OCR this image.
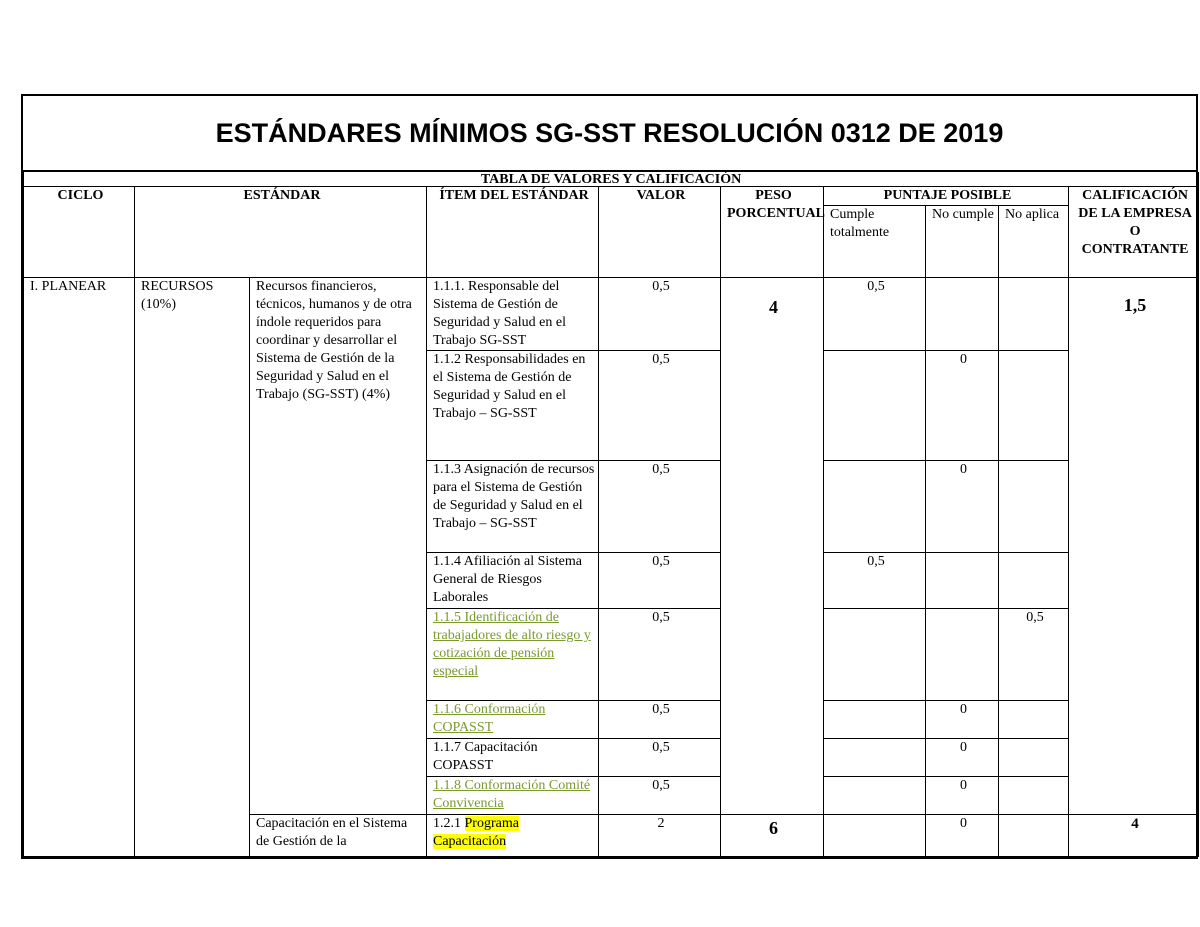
ESTÁNDARES MÍNIMOS SG-SST RESOLUCIÓN 0312 DE 2019
TABLA DE VALORES Y CALIFICACIÓN									
CICLO	ESTÁNDAR		ÍTEM DEL ESTÁNDAR	VALOR	PESO PORCENTUAL	PUNTAJE POSIBLE			CALIFICACIÓN DE LA EMPRESA O CONTRATANTE
						Cumple totalmente	No cumple	No aplica	
I. PLANEAR	RECURSOS (10%)	Recursos financieros, técnicos, humanos y de otra índole requeridos para coordinar y desarrollar el Sistema de Gestión de la Seguridad y Salud en el Trabajo (SG-SST) (4%)	1.1.1. Responsable del Sistema de Gestión de Seguridad y Salud en el Trabajo SG-SST	0,5	4	0,5			1,5
			1.1.2 Responsabilidades en el Sistema de Gestión de Seguridad y Salud en el Trabajo – SG-SST	0,5			0		
			1.1.3 Asignación de recursos para el Sistema de Gestión de Seguridad y Salud en el Trabajo – SG-SST	0,5			0		
			1.1.4 Afiliación al Sistema General de Riesgos Laborales	0,5		0,5			
			1.1.5 Identificación de trabajadores de alto riesgo y cotización de pensión especial	0,5				0,5	
			1.1.6 Conformación COPASST	0,5			0		
			1.1.7 Capacitación COPASST	0,5			0		
			1.1.8 Conformación Comité Convivencia	0,5			0		
		Capacitación en el Sistema de Gestión de la	1.2.1 Programa Capacitación	2	6		0		4
